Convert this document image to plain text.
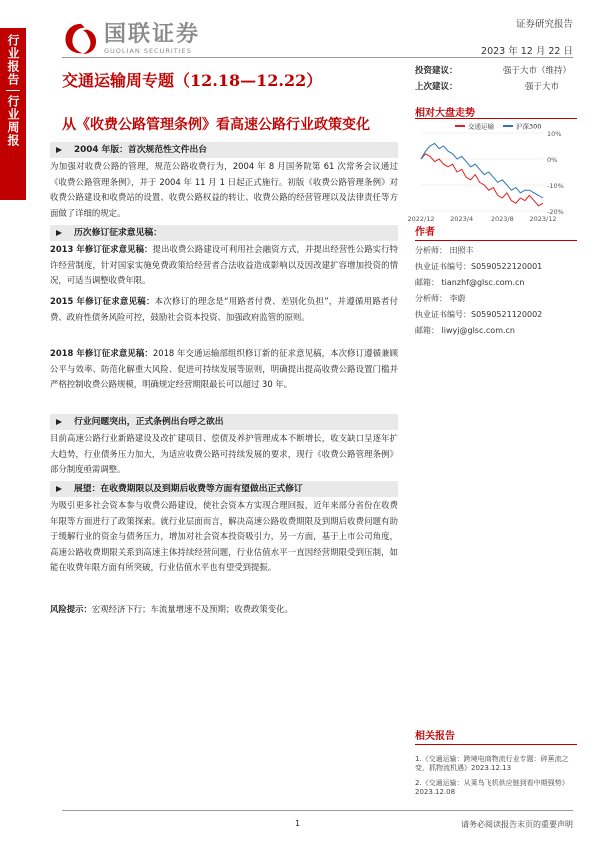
行业报告
行业周报
国联证券
GUOLIAN SECURITIES
证券研究报告
2023 年 12 月 22 日
交通运输周专题（12.18—12.22）
从《收费公路管理条例》看高速公路行业政策变化
投资建议：	强于大市（维持）
上次建议：	强于大市
相对大盘走势
10%
0%
-10%
-20%
2022/12 2023/4	2023/8 2023/12
交通运输	沪深300
作者
分析师： 田照丰
执业证书编号：S0590522120001
邮箱： tianzhf@glsc.com.cn
分析师： 李蔚
执业证书编号：S0590521120002
邮箱： liwyj@glsc.com.cn
2004 年版：首次规范性文件出台
为加强对收费公路的管理，规范公路收费行为，2004 年 8 月国务院第 61 次常务会议通过《收费公路管理条例》，并于 2004 年 11 月 1 日起正式施行。初版《收费公路管理条例》对收费公路建设和收费站的设置、收费公路权益的转让、收费公路的经营管理以及法律责任等方面做了详细的规定。
历次修订征求意见稿：
2013 年修订征求意见稿：提出收费公路建设可利用社会融资方式，并提出经营性公路实行特许经营制度，针对国家实施免费政策给经营者合法收益造成影响以及因改建扩容增加投资的情况，可适当调整收费年限。
2015 年修订征求意见稿：本次修订的理念是“用路者付费、差别化负担”，并遵循用路者付费、政府性债务风险可控，鼓励社会资本投资、加强政府监管的原则。
2018 年修订征求意见稿：2018 年交通运输部组织修订新的征求意见稿，本次修订遵循兼顾公平与效率、防范化解重大风险、促进可持续发展等原则，明确提出提高收费公路设置门槛并严格控制收费公路规模，明确规定经营期限最长可以超过 30 年。
行业问题突出，正式条例出台呼之欲出
目前高速公路行业新路建设及改扩建项目、偿债及养护管理成本不断增长，收支缺口呈逐年扩大趋势，行业债务压力加大，为适应收费公路可持续发展的要求，现行《收费公路管理条例》部分制度亟需调整。
展望：在收费期限以及到期后收费等方面有望做出正式修订
为吸引更多社会资本参与收费公路建设，使社会资本方实现合理回报，近年来部分省份在收费年限等方面进行了政策探索。就行业层面而言，解决高速公路收费期限及到期后收费问题有助于缓解行业的资金与债务压力，增加对社会资本投资吸引力，另一方面，基于上市公司角度，高速公路收费期限关系到高速主体持续经营问题，行业估值水平一直因经营期限受到压制，如能在收费年限方面有所突破，行业估值水平也有望受到提振。
风险提示：宏观经济下行；车流量增速不及预期；收费政策变化。
相关报告
1.《交通运输：跨境电商物流行业专题：碎蕉流之变，抓物流机遇》2023.12.13
2.《交通运输：从莱鸟飞机供应链到看中期强势》2023.12.08
1	请务必阅读报告末页的重要声明
